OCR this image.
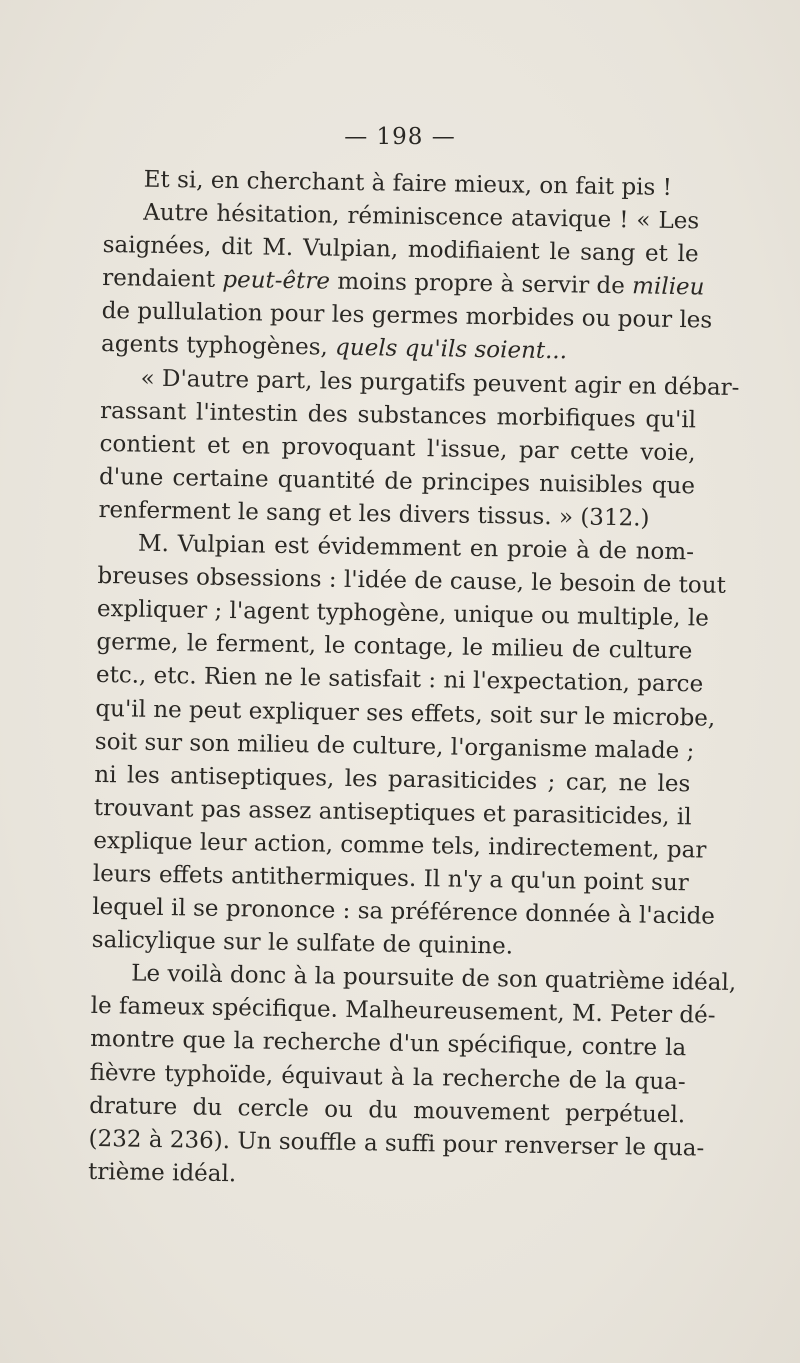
— 198 —
Et si, en cherchant à faire mieux, on fait pis !
Autre hésitation, réminiscence atavique ! « Les
saignées, dit M. Vulpian, modifiaient le sang et le
rendaient peut-être moins propre à servir de milieu
de pullulation pour les germes morbides ou pour les
agents typhogènes, quels qu'ils soient...
« D'autre part, les purgatifs peuvent agir en débar-
rassant l'intestin des substances morbifiques qu'il
contient et en provoquant l'issue, par cette voie,
d'une certaine quantité de principes nuisibles que
renferment le sang et les divers tissus. » (312.)
M. Vulpian est évidemment en proie à de nom-
breuses obsessions : l'idée de cause, le besoin de tout
expliquer ; l'agent typhogène, unique ou multiple, le
germe, le ferment, le contage, le milieu de culture
etc., etc. Rien ne le satisfait : ni l'expectation, parce
qu'il ne peut expliquer ses effets, soit sur le microbe,
soit sur son milieu de culture, l'organisme malade ;
ni les antiseptiques, les parasiticides ; car, ne les
trouvant pas assez antiseptiques et parasiticides, il
explique leur action, comme tels, indirectement, par
leurs effets antithermiques. Il n'y a qu'un point sur
lequel il se prononce : sa préférence donnée à l'acide
salicylique sur le sulfate de quinine.
Le voilà donc à la poursuite de son quatrième idéal,
le fameux spécifique. Malheureusement, M. Peter dé-
montre que la recherche d'un spécifique, contre la
fièvre typhoïde, équivaut à la recherche de la qua-
drature du cercle ou du mouvement perpétuel.
(232 à 236). Un souffle a suffi pour renverser le qua-
trième idéal.
